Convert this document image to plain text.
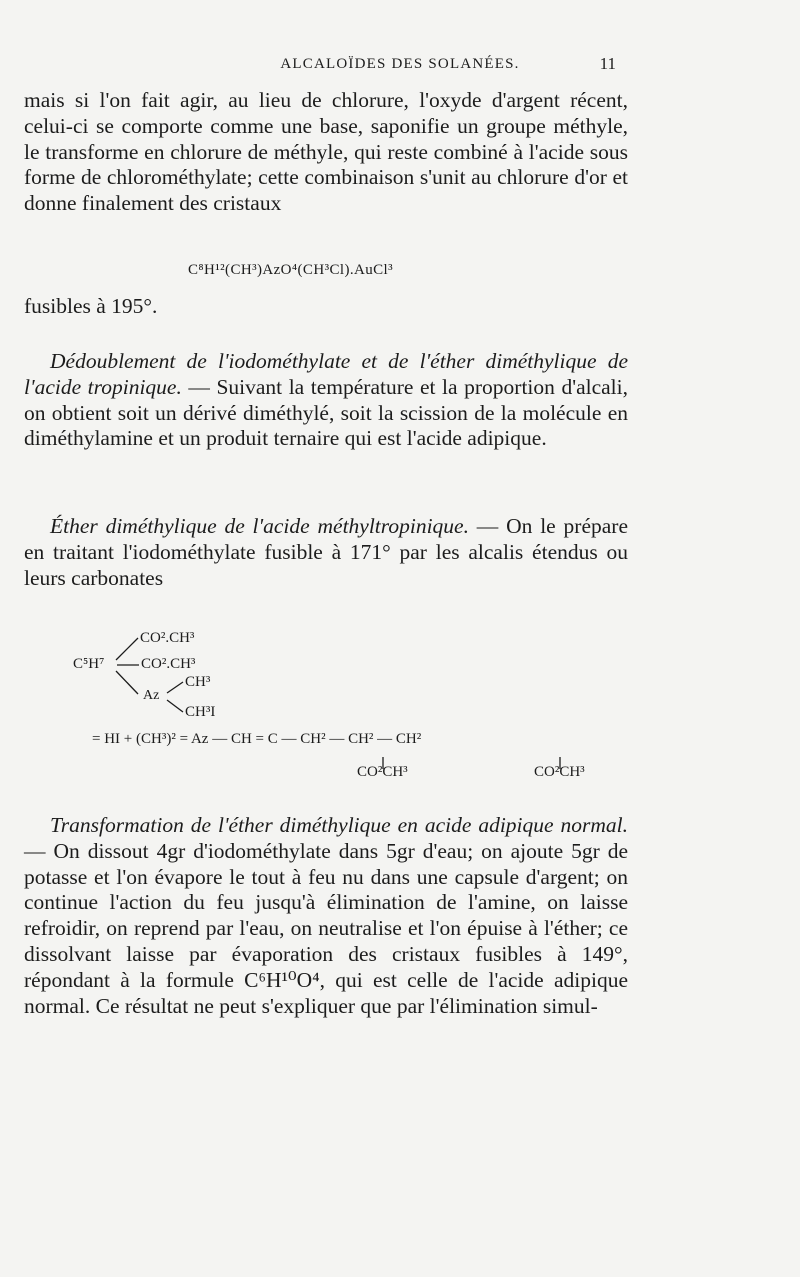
ALCALOÏDES DES SOLANÉES.	11

mais si l'on fait agir, au lieu de chlorure, l'oxyde d'argent récent, celui-ci se comporte comme une base, saponifie un groupe méthyle, le transforme en chlorure de méthyle, qui reste combiné à l'acide sous forme de chlorométhylate; cette combinaison s'unit au chlorure d'or et donne finalement des cristaux

C⁸H¹²(CH³)AzO⁴(CH³Cl).AuCl³

fusibles à 195°.

Dédoublement de l'iodométhylate et de l'éther diméthylique de l'acide tropinique. — Suivant la température et la proportion d'alcali, on obtient soit un dérivé diméthylé, soit la scission de la molécule en diméthylamine et un produit ternaire qui est l'acide adipique.

Éther diméthylique de l'acide méthyltropinique. — On le prépare en traitant l'iodométhylate fusible à 171° par les alcalis étendus ou leurs carbonates

C⁵H⁷
CO².CH³
CO².CH³
Az
CH³
CH³I
= HI + (CH³)² = Az — CH = C — CH² — CH² — CH²
CO²CH³	CO²CH³

Transformation de l'éther diméthylique en acide adipique normal. — On dissout 4gr d'iodométhylate dans 5gr d'eau; on ajoute 5gr de potasse et l'on évapore le tout à feu nu dans une capsule d'argent; on continue l'action du feu jusqu'à élimination de l'amine, on laisse refroidir, on reprend par l'eau, on neutralise et l'on épuise à l'éther; ce dissolvant laisse par évaporation des cristaux fusibles à 149°, répondant à la formule C⁶H¹⁰O⁴, qui est celle de l'acide adipique normal. Ce résultat ne peut s'expliquer que par l'élimination simul-
